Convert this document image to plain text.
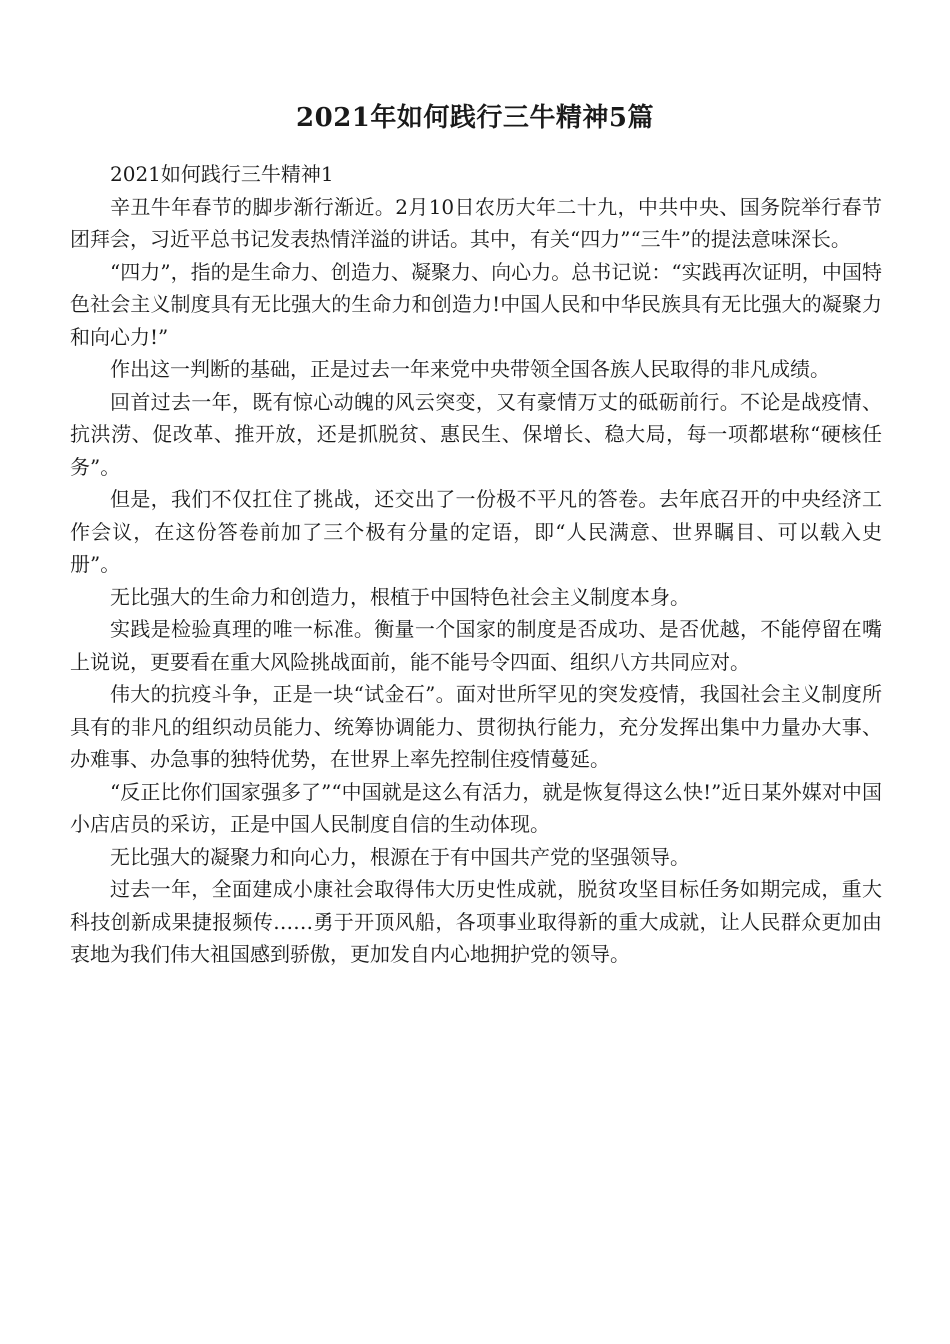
2021年如何践行三牛精神5篇

2021如何践行三牛精神1

辛丑牛年春节的脚步渐行渐近。2月10日农历大年二十九，中共中央、国务院举行春节团拜会，习近平总书记发表热情洋溢的讲话。其中，有关“四力”“三牛”的提法意味深长。

“四力”，指的是生命力、创造力、凝聚力、向心力。总书记说：“实践再次证明，中国特色社会主义制度具有无比强大的生命力和创造力!中国人民和中华民族具有无比强大的凝聚力和向心力!”

作出这一判断的基础，正是过去一年来党中央带领全国各族人民取得的非凡成绩。

回首过去一年，既有惊心动魄的风云突变，又有豪情万丈的砥砺前行。不论是战疫情、抗洪涝、促改革、推开放，还是抓脱贫、惠民生、保增长、稳大局，每一项都堪称“硬核任务”。

但是，我们不仅扛住了挑战，还交出了一份极不平凡的答卷。去年底召开的中央经济工作会议，在这份答卷前加了三个极有分量的定语，即“人民满意、世界瞩目、可以载入史册”。

无比强大的生命力和创造力，根植于中国特色社会主义制度本身。

实践是检验真理的唯一标准。衡量一个国家的制度是否成功、是否优越，不能停留在嘴上说说，更要看在重大风险挑战面前，能不能号令四面、组织八方共同应对。

伟大的抗疫斗争，正是一块“试金石”。面对世所罕见的突发疫情，我国社会主义制度所具有的非凡的组织动员能力、统筹协调能力、贯彻执行能力，充分发挥出集中力量办大事、办难事、办急事的独特优势，在世界上率先控制住疫情蔓延。

“反正比你们国家强多了”“中国就是这么有活力，就是恢复得这么快!”近日某外媒对中国小店店员的采访，正是中国人民制度自信的生动体现。

无比强大的凝聚力和向心力，根源在于有中国共产党的坚强领导。

过去一年，全面建成小康社会取得伟大历史性成就，脱贫攻坚目标任务如期完成，重大科技创新成果捷报频传……勇于开顶风船，各项事业取得新的重大成就，让人民群众更加由衷地为我们伟大祖国感到骄傲，更加发自内心地拥护党的领导。
